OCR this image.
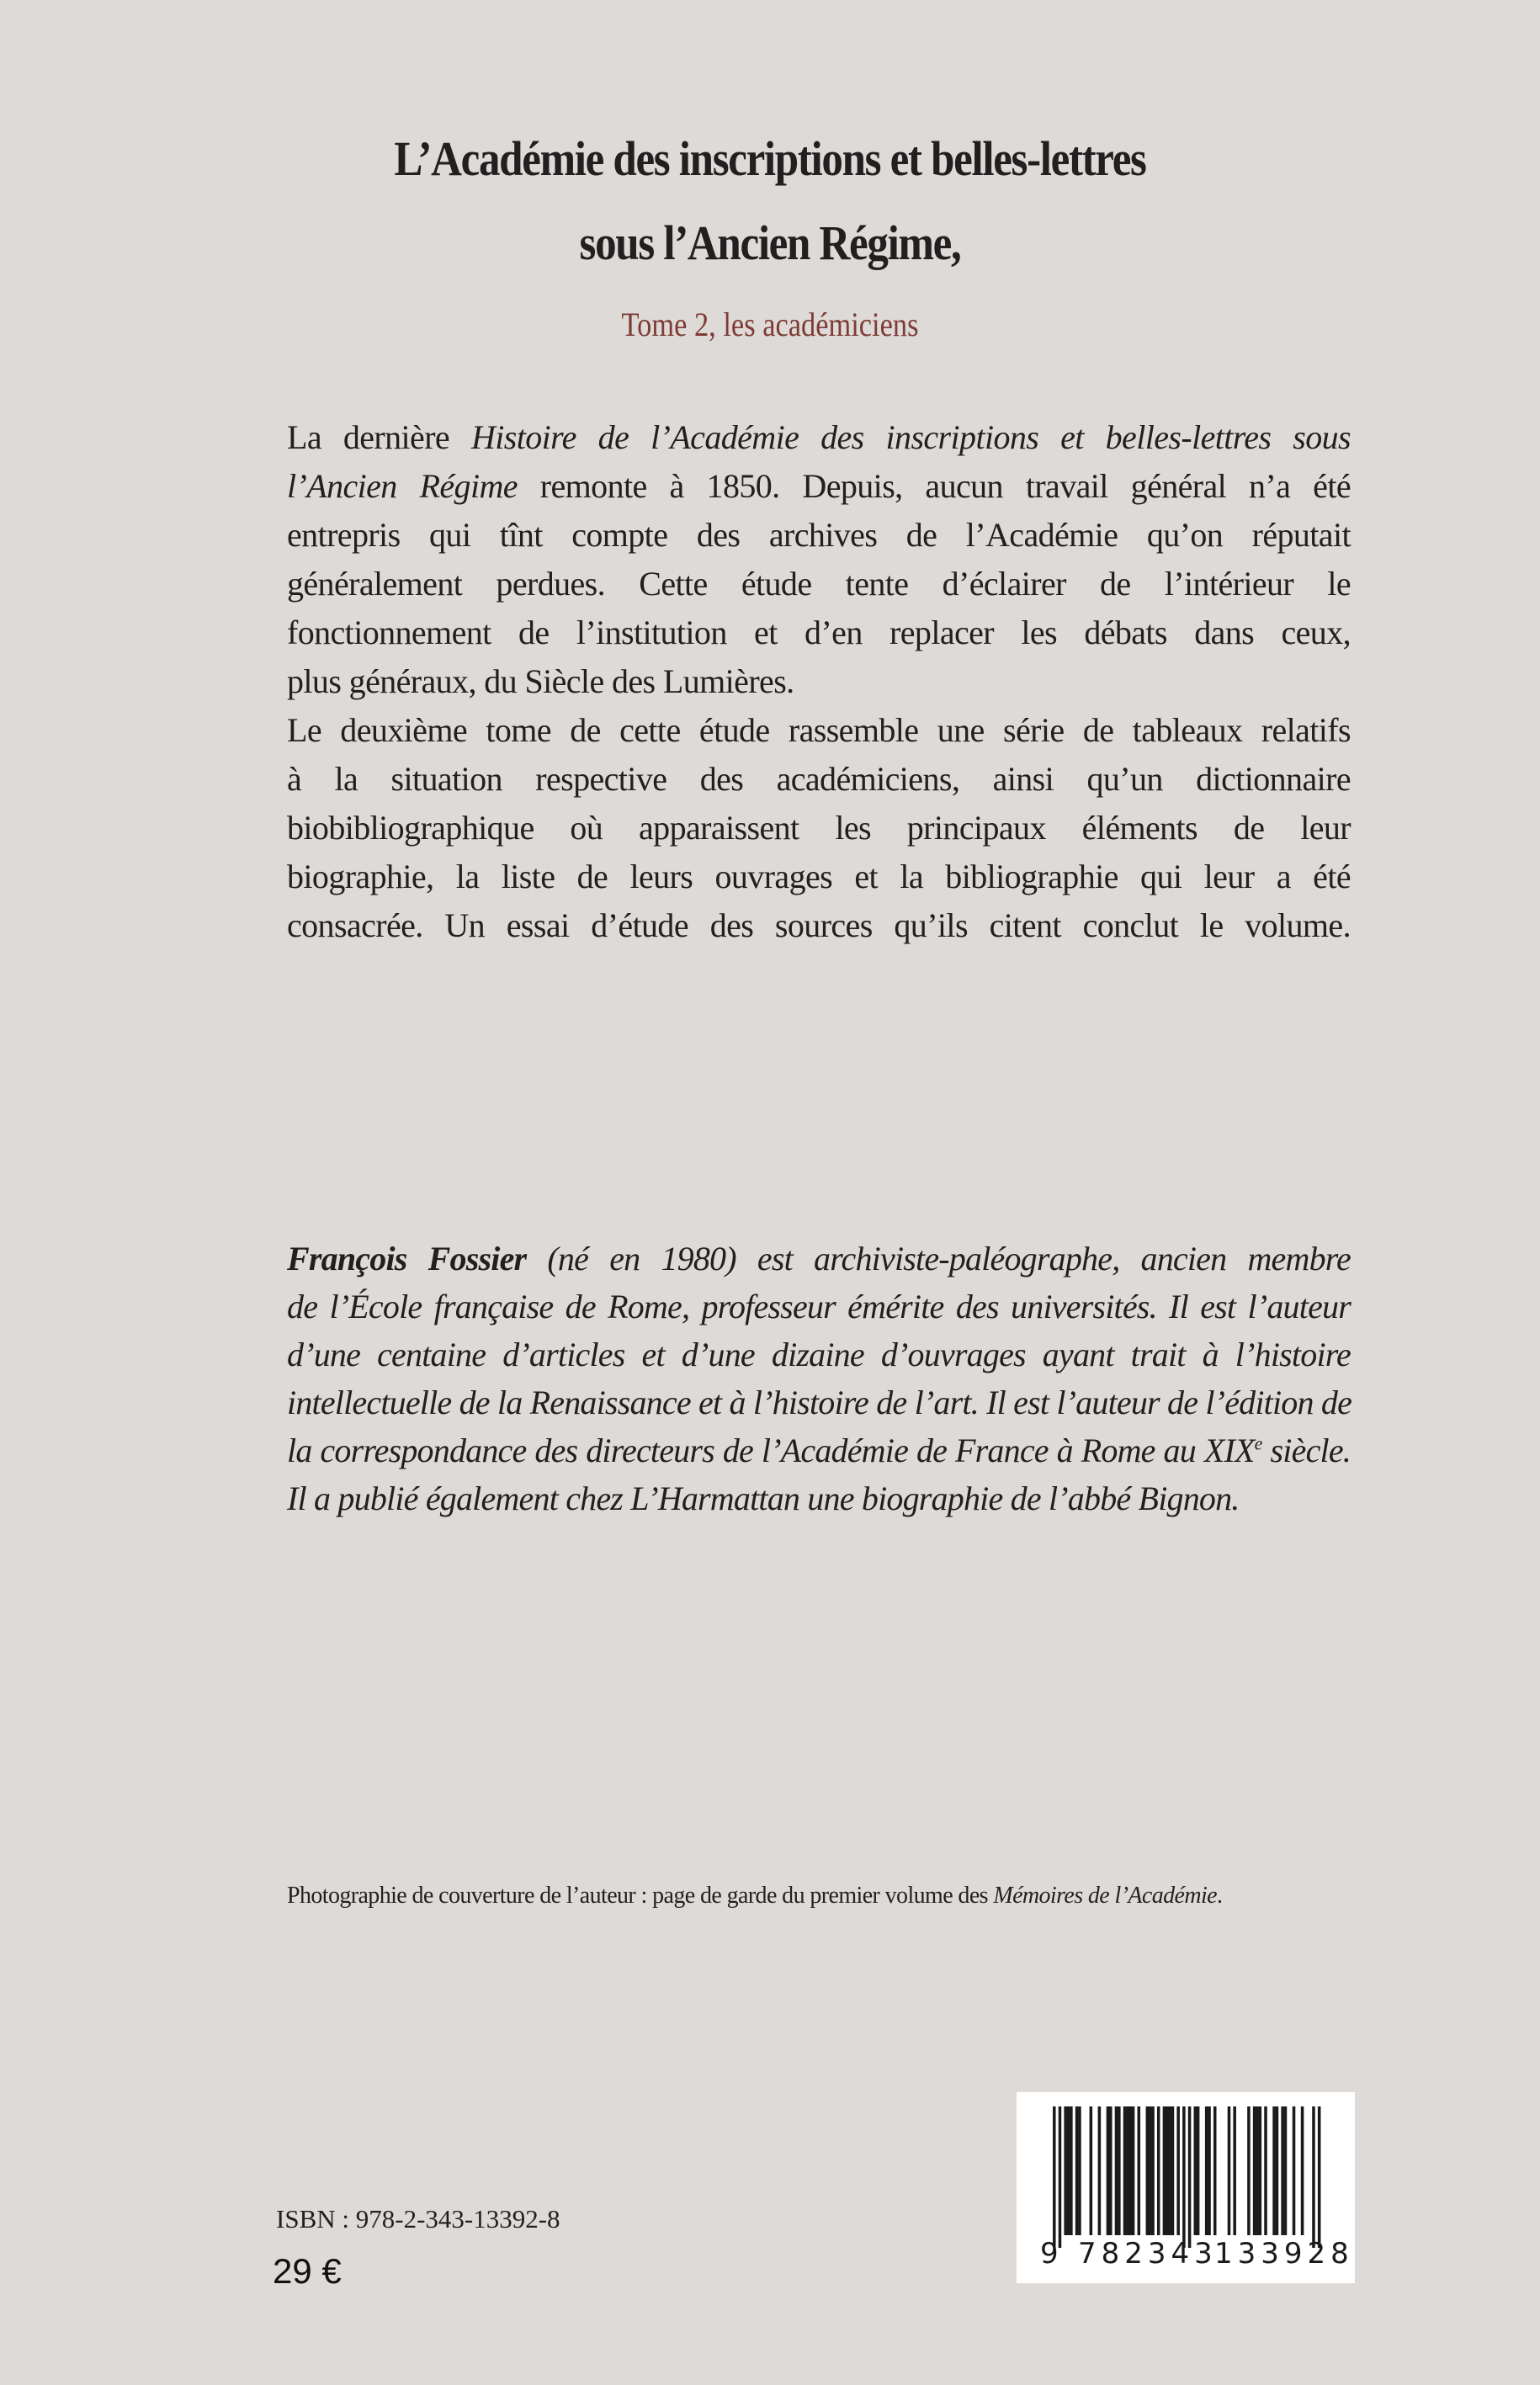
L’Académie des inscriptions et belles-lettres
sous l’Ancien Régime,
Tome 2, les académiciens
La dernière Histoire de l’Académie des inscriptions et belles-lettres sous
l’Ancien Régime remonte à 1850. Depuis, aucun travail général n’a été
entrepris qui tînt compte des archives de l’Académie qu’on réputait
généralement perdues. Cette étude tente d’éclairer de l’intérieur le
fonctionnement de l’institution et d’en replacer les débats dans ceux,
plus généraux, du Siècle des Lumières.
Le deuxième tome de cette étude rassemble une série de tableaux relatifs
à la situation respective des académiciens, ainsi qu’un dictionnaire
biobibliographique où apparaissent les principaux éléments de leur
biographie, la liste de leurs ouvrages et la bibliographie qui leur a été
consacrée. Un essai d’étude des sources qu’ils citent conclut le volume.
François Fossier (né en 1980) est archiviste-paléographe, ancien membre
de l’École française de Rome, professeur émérite des universités. Il est l’auteur
d’une centaine d’articles et d’une dizaine d’ouvrages ayant trait à l’histoire
intellectuelle de la Renaissance et à l’histoire de l’art. Il est l’auteur de l’édition de
la correspondance des directeurs de l’Académie de France à Rome au XIXe siècle.
Il a publié également chez L’Harmattan une biographie de l’abbé Bignon.
Photographie de couverture de l’auteur : page de garde du premier volume des Mémoires de l’Académie.
ISBN : 978-2-343-13392-8
29 €	9 782343
133928
